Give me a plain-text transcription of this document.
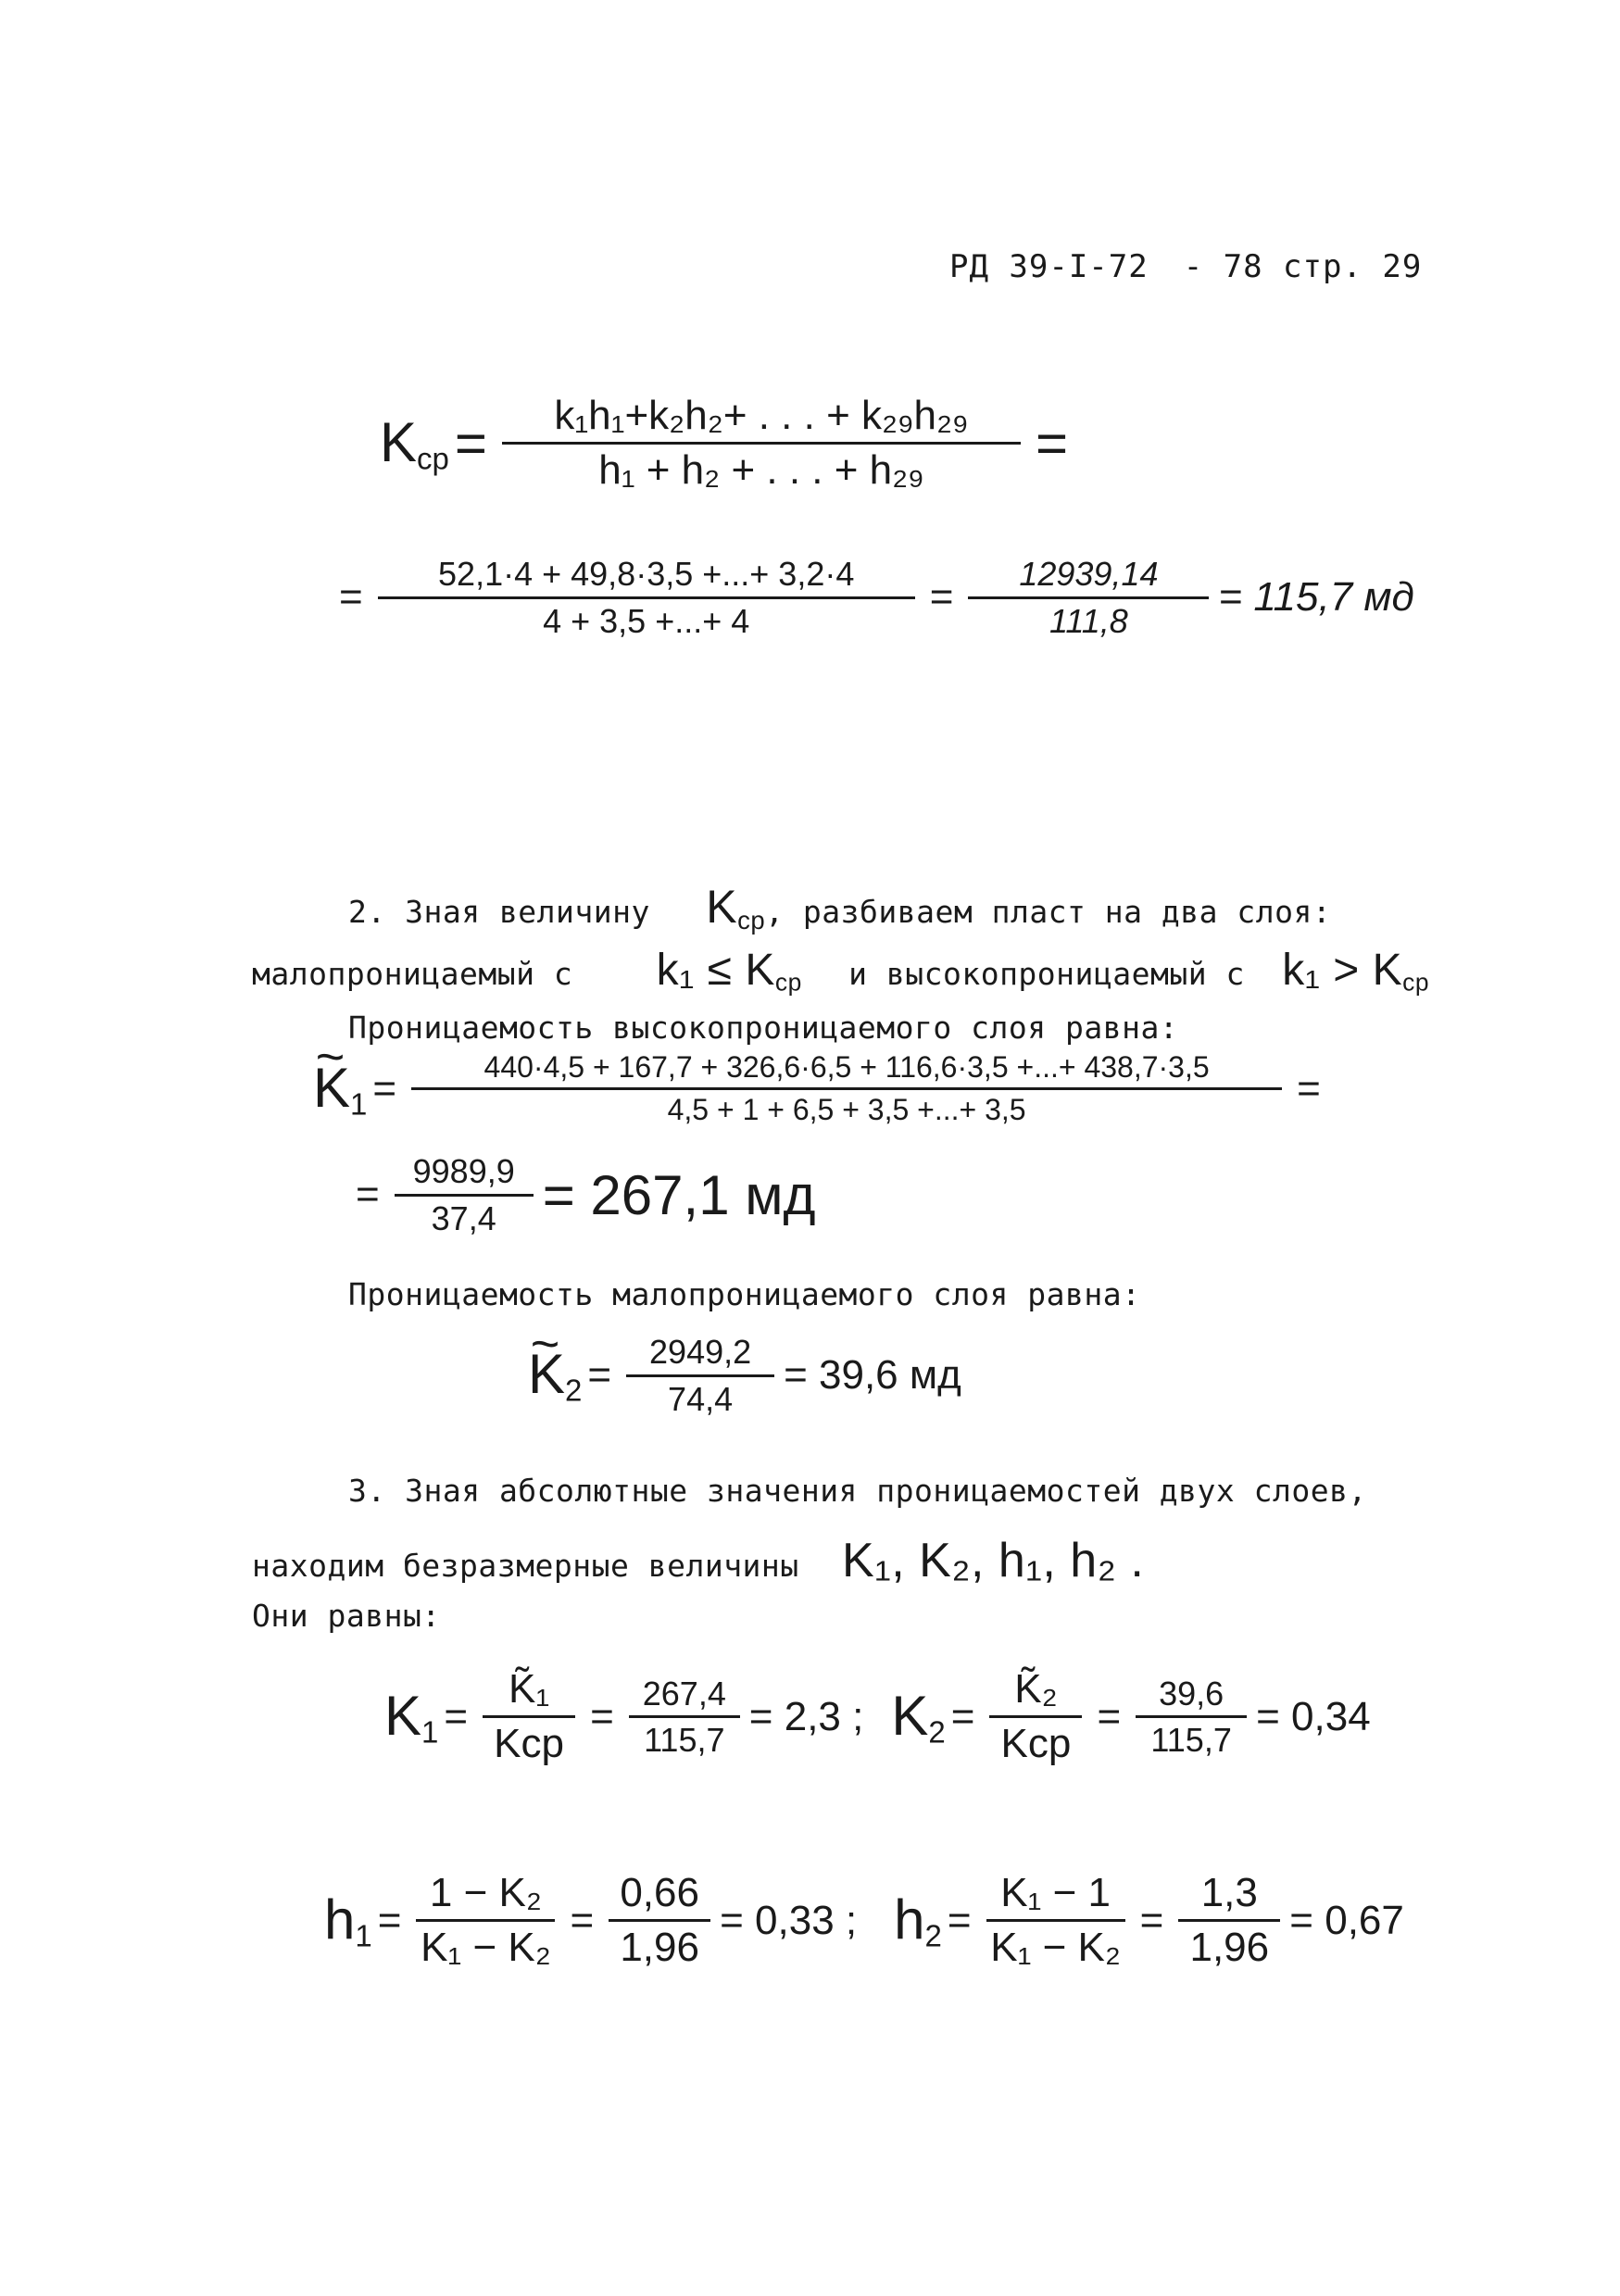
РД 39-I-72 - 78 стр. 29
$K_{ср} = \frac{\text{k₁h₁+k₂h₂+ . . . + k₂₉h₂₉}}{\text{h₁ + h₂ + . . . + h₂₉}}$ =
= $\frac{52,1\cdot 4 + 49,8\cdot 3,5 +...+ 3,2\cdot 4}{4 + 3,5 +...+ 4} = \frac{12939,14}{111,8} = 115,7$ мд
2. Зная величину $K_{ср}$, разбиваем пласт на два слоя:
малопроницаемый с $k_1 \le K_{ср}$ и высокопроницаемый с $k_1 > K_{ср}$
Проницаемость высокопроницаемого слоя равна:
~ $K_1 = \frac{440\cdot 4,5 + 167,7 + 326,6\cdot 6,5 + 116,6\cdot 3,5 +...+ 438,7\cdot 3,5}{4,5 + 1 + 6,5 + 3,5 +...+ 3,5}$ =
= $\frac{9989,9}{37,4} = 267,1$ мд
Проницаемость малопроницаемого слоя равна:
~ $K_2 = \frac{2949,2}{74,4} = 39,6$ мд
3. Зная абсолютные значения проницаемостей двух слоев,
находим безразмерные величины K₁, K₂, h₁, h₂ .
Они равны:
$K_1 = \frac{\text{K̃₁}}{\text{Kср}} = \frac{267,4}{115,7} = 2,3$ ; $K_2 = \frac{\text{K̃₂}}{\text{Kср}} = \frac{39,6}{115,7} = 0,34$
$h_1 = \frac{\text{1 − K₂}}{\text{K₁ − K₂}} = \frac{0,66}{1,96} = 0,33$ ; $h_2 = \frac{\text{K₁ − 1}}{\text{K₁ − K₂}} = \frac{1,3}{1,96} = 0,67$
